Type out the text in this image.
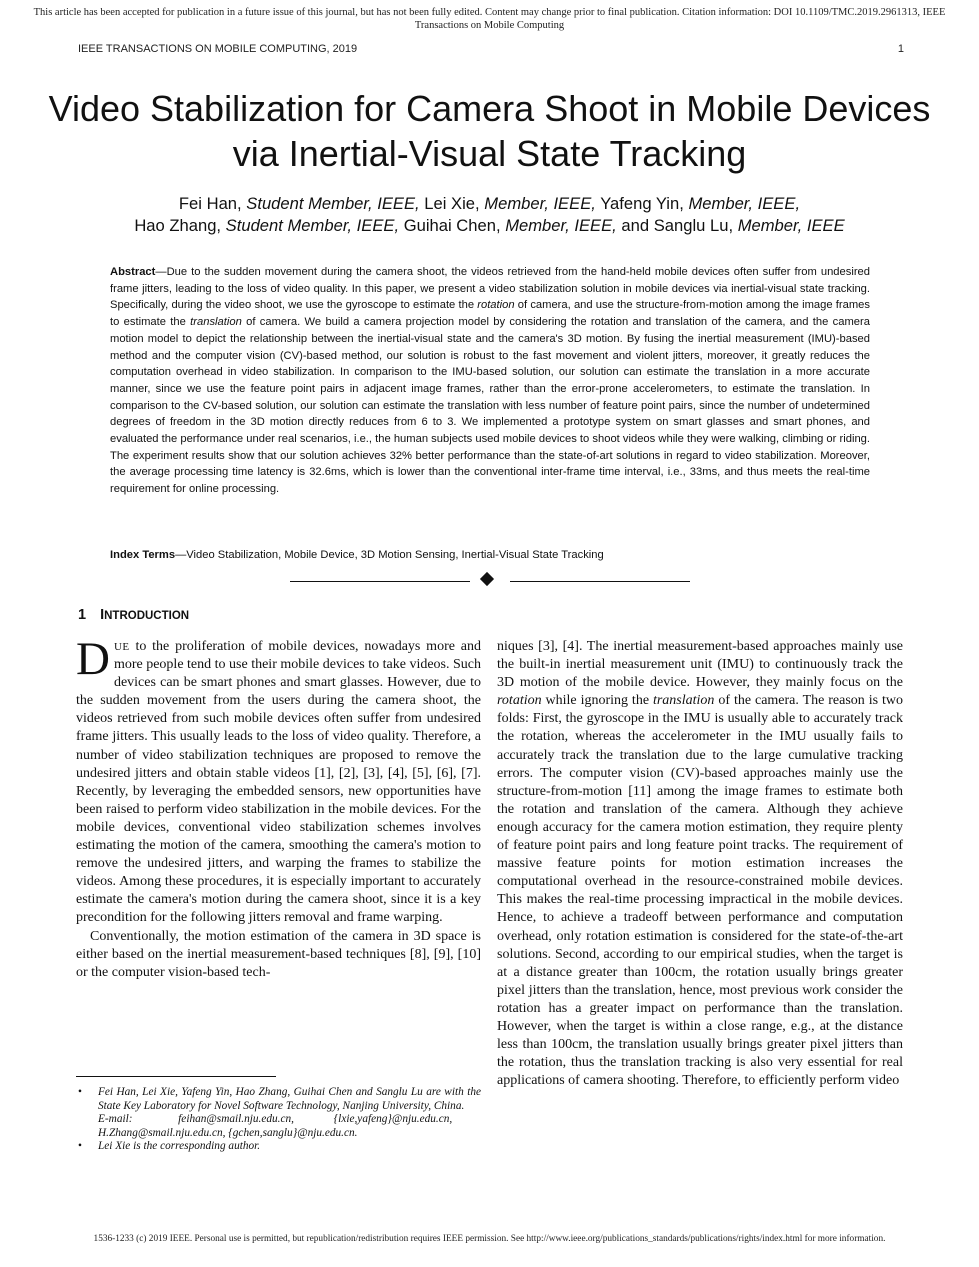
This article has been accepted for publication in a future issue of this journal, but has not been fully edited. Content may change prior to final publication. Citation information: DOI 10.1109/TMC.2019.2961313, IEEE Transactions on Mobile Computing
IEEE TRANSACTIONS ON MOBILE COMPUTING, 2019	1
Video Stabilization for Camera Shoot in Mobile Devices via Inertial-Visual State Tracking
Fei Han, Student Member, IEEE, Lei Xie, Member, IEEE, Yafeng Yin, Member, IEEE,
Hao Zhang, Student Member, IEEE, Guihai Chen, Member, IEEE, and Sanglu Lu, Member, IEEE
Abstract—Due to the sudden movement during the camera shoot, the videos retrieved from the hand-held mobile devices often suffer from undesired frame jitters, leading to the loss of video quality. In this paper, we present a video stabilization solution in mobile devices via inertial-visual state tracking. Specifically, during the video shoot, we use the gyroscope to estimate the rotation of camera, and use the structure-from-motion among the image frames to estimate the translation of camera. We build a camera projection model by considering the rotation and translation of the camera, and the camera motion model to depict the relationship between the inertial-visual state and the camera's 3D motion. By fusing the inertial measurement (IMU)-based method and the computer vision (CV)-based method, our solution is robust to the fast movement and violent jitters, moreover, it greatly reduces the computation overhead in video stabilization. In comparison to the IMU-based solution, our solution can estimate the translation in a more accurate manner, since we use the feature point pairs in adjacent image frames, rather than the error-prone accelerometers, to estimate the translation. In comparison to the CV-based solution, our solution can estimate the translation with less number of feature point pairs, since the number of undetermined degrees of freedom in the 3D motion directly reduces from 6 to 3. We implemented a prototype system on smart glasses and smart phones, and evaluated the performance under real scenarios, i.e., the human subjects used mobile devices to shoot videos while they were walking, climbing or riding. The experiment results show that our solution achieves 32% better performance than the state-of-art solutions in regard to video stabilization. Moreover, the average processing time latency is 32.6ms, which is lower than the conventional inter-frame time interval, i.e., 33ms, and thus meets the real-time requirement for online processing.
Index Terms—Video Stabilization, Mobile Device, 3D Motion Sensing, Inertial-Visual State Tracking
1 INTRODUCTION

DUE to the proliferation of mobile devices, nowadays more and more people tend to use their mobile devices to take videos. Such devices can be smart phones and smart glasses. However, due to the sudden movement from the users during the camera shoot, the videos retrieved from such mobile devices often suffer from undesired frame jitters. This usually leads to the loss of video quality. Therefore, a number of video stabilization techniques are proposed to remove the undesired jitters and obtain stable videos [1], [2], [3], [4], [5], [6], [7]. Recently, by leveraging the embedded sensors, new opportunities have been raised to perform video stabilization in the mobile devices. For the mobile devices, conventional video stabilization schemes involves estimating the motion of the camera, smoothing the camera's motion to remove the undesired jitters, and warping the frames to stabilize the videos. Among these procedures, it is especially important to accurately estimate the camera's motion during the camera shoot, since it is a key precondition for the following jitters removal and frame warping.

Conventionally, the motion estimation of the camera in 3D space is either based on the inertial measurement-based techniques [8], [9], [10] or the computer vision-based tech-

• Fei Han, Lei Xie, Yafeng Yin, Hao Zhang, Guihai Chen and Sanglu Lu are with the State Key Laboratory for Novel Software Technology, Nanjing University, China.
E-mail:	feihan@smail.nju.edu.cn,	{lxie,yafeng}@nju.edu.cn,
H.Zhang@smail.nju.edu.cn, {gchen,sanglu}@nju.edu.cn.
• Lei Xie is the corresponding author.

niques [3], [4]. The inertial measurement-based approaches mainly use the built-in inertial measurement unit (IMU) to continuously track the 3D motion of the mobile device. However, they mainly focus on the rotation while ignoring the translation of the camera. The reason is two folds: First, the gyroscope in the IMU is usually able to accurately track the rotation, whereas the accelerometer in the IMU usually fails to accurately track the translation due to the large cumulative tracking errors. The computer vision (CV)-based approaches mainly use the structure-from-motion [11] among the image frames to estimate both the rotation and translation of the camera. Although they achieve enough accuracy for the camera motion estimation, they require plenty of feature point pairs and long feature point tracks. The requirement of massive feature points for motion estimation increases the computational overhead in the resource-constrained mobile devices. This makes the real-time processing impractical in the mobile devices. Hence, to achieve a tradeoff between performance and computation overhead, only rotation estimation is considered for the state-of-the-art solutions. Second, according to our empirical studies, when the target is at a distance greater than 100cm, the rotation usually brings greater pixel jitters than the translation, hence, most previous work consider the rotation has a greater impact on performance than the translation. However, when the target is within a close range, e.g., at the distance less than 100cm, the translation usually brings greater pixel jitters than the rotation, thus the translation tracking is also very essential for real applications of camera shooting. Therefore, to efficiently perform video

1536-1233 (c) 2019 IEEE. Personal use is permitted, but republication/redistribution requires IEEE permission. See http://www.ieee.org/publications_standards/publications/rights/index.html for more information.
